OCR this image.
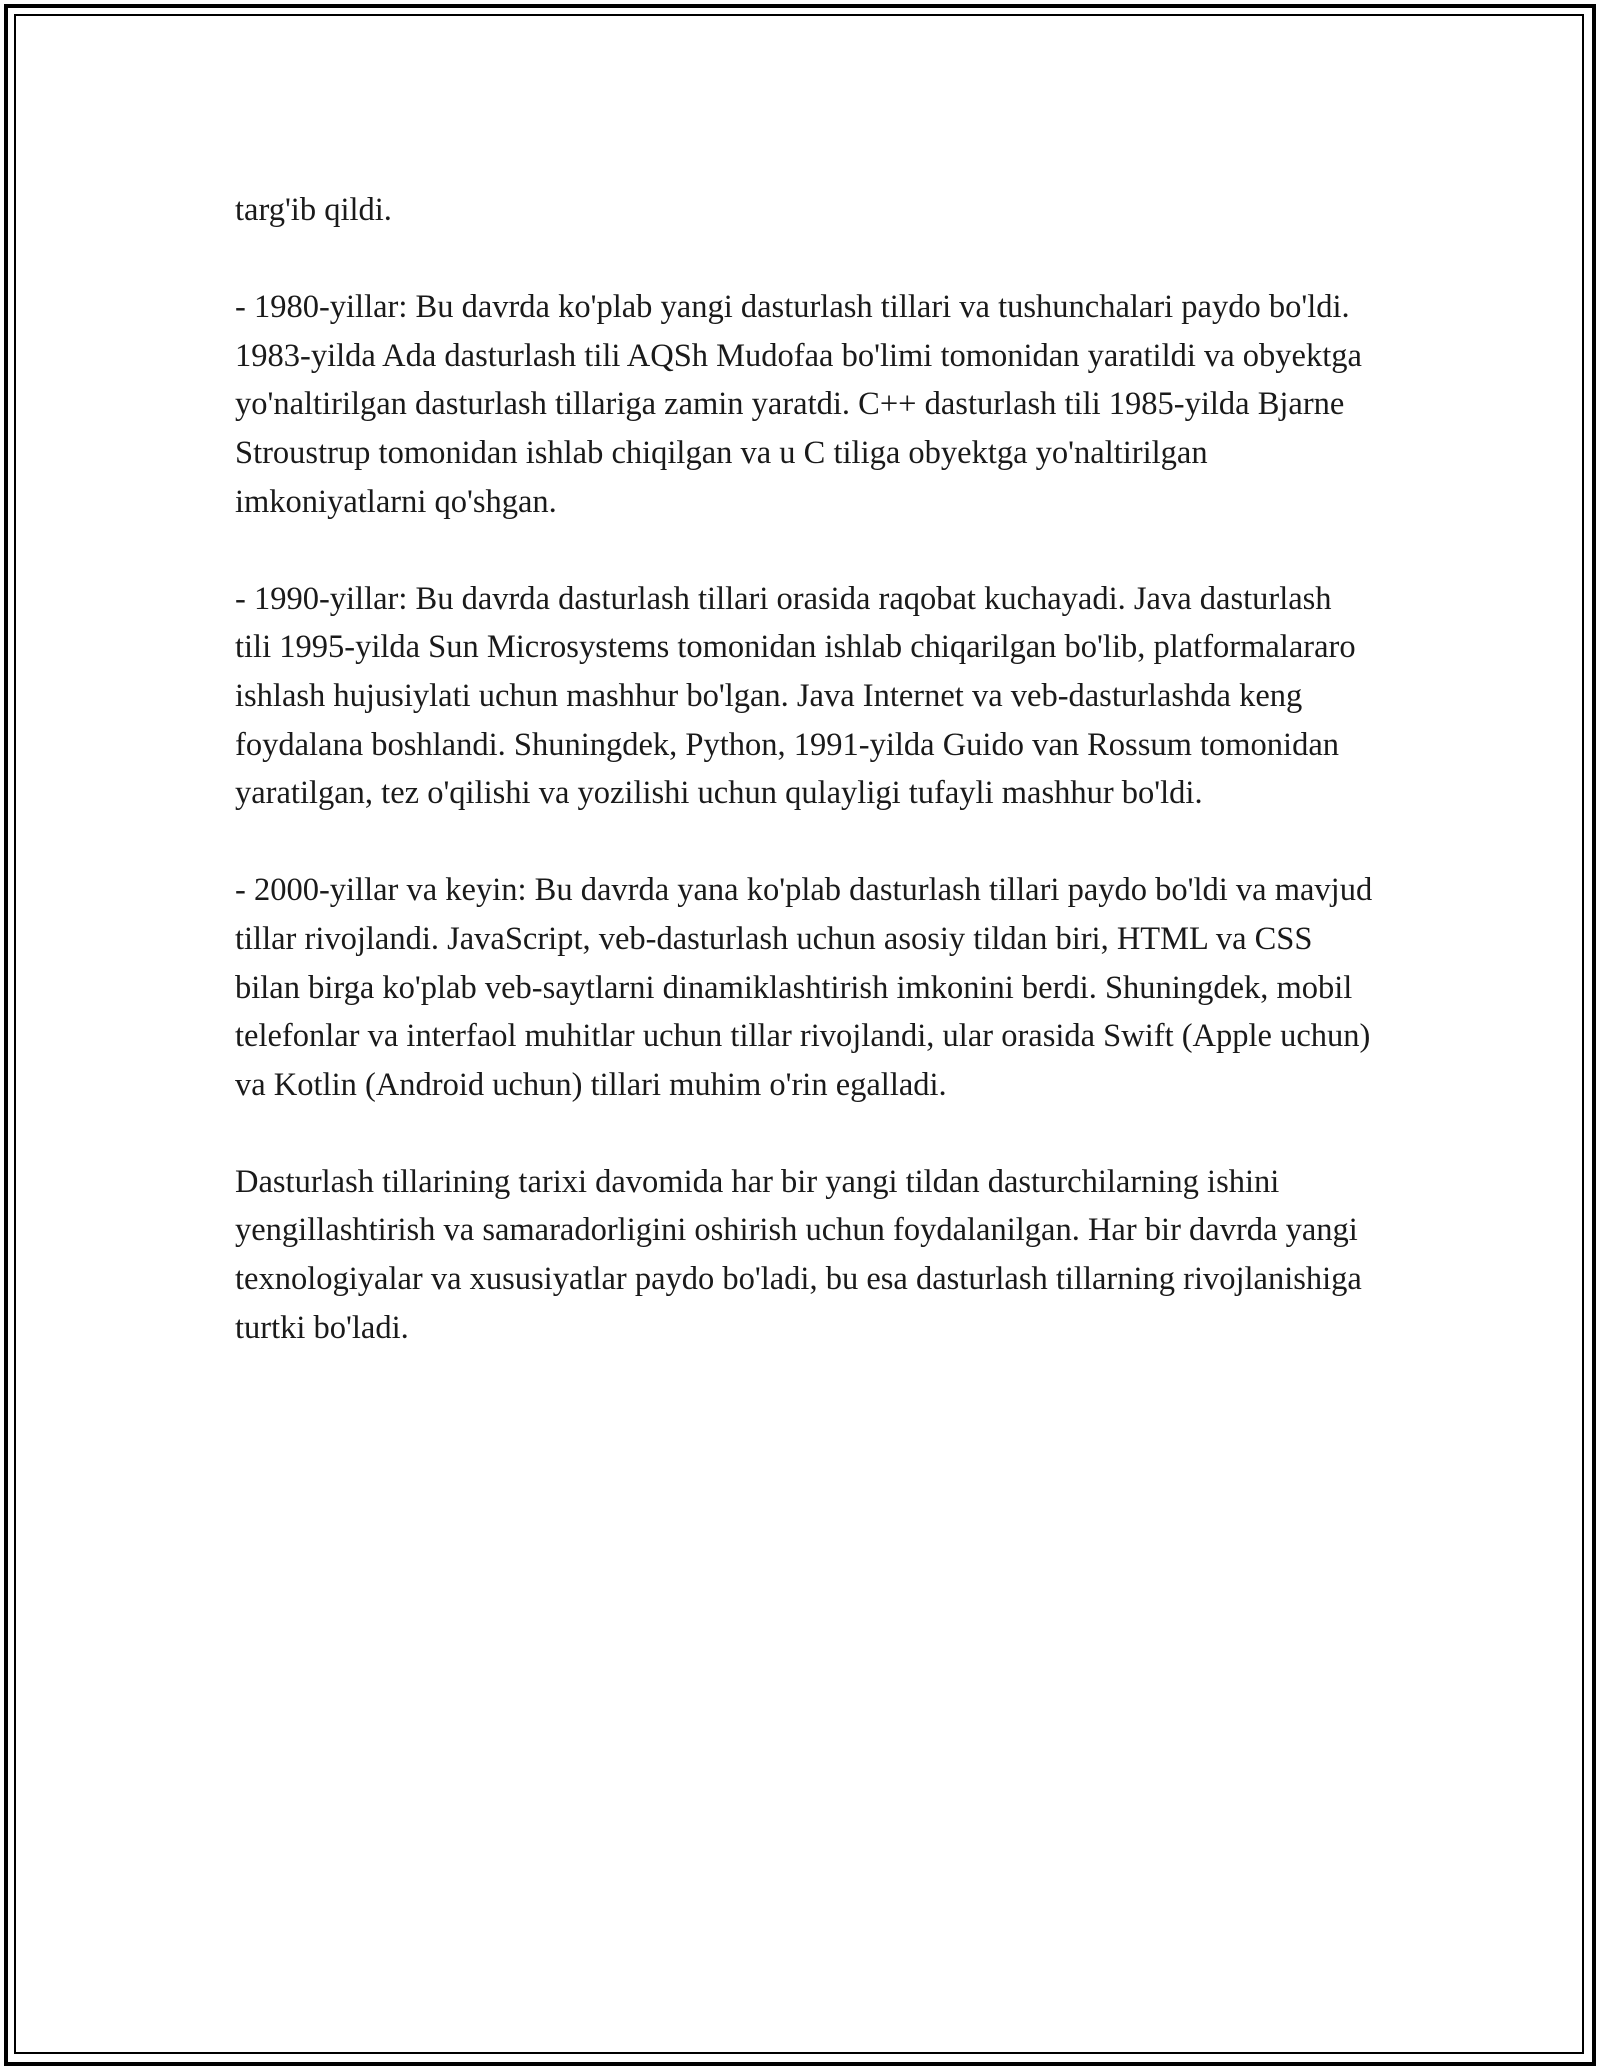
targ'ib qildi.

- 1980-yillar: Bu davrda ko'plab yangi dasturlash tillari va tushunchalari paydo bo'ldi. 1983-yilda Ada dasturlash tili AQSh Mudofaa bo'limi tomonidan yaratildi va obyektga yo'naltirilgan dasturlash tillariga zamin yaratdi. C++ dasturlash tili 1985-yilda Bjarne Stroustrup tomonidan ishlab chiqilgan va u C tiliga obyektga yo'naltirilgan imkoniyatlarni qo'shgan.

- 1990-yillar: Bu davrda dasturlash tillari orasida raqobat kuchayadi. Java dasturlash tili 1995-yilda Sun Microsystems tomonidan ishlab chiqarilgan bo'lib, platformalararo ishlash hujusiylati uchun mashhur bo'lgan. Java Internet va veb-dasturlashda keng foydalana boshlandi. Shuningdek, Python, 1991-yilda Guido van Rossum tomonidan yaratilgan, tez o'qilishi va yozilishi uchun qulayligi tufayli mashhur bo'ldi.

- 2000-yillar va keyin: Bu davrda yana ko'plab dasturlash tillari paydo bo'ldi va mavjud tillar rivojlandi. JavaScript, veb-dasturlash uchun asosiy tildan biri, HTML va CSS bilan birga ko'plab veb-saytlarni dinamiklashtirish imkonini berdi. Shuningdek, mobil telefonlar va interfaol muhitlar uchun tillar rivojlandi, ular orasida Swift (Apple uchun) va Kotlin (Android uchun) tillari muhim o'rin egalladi.

Dasturlash tillarining tarixi davomida har bir yangi tildan dasturchilarning ishini yengillashtirish va samaradorligini oshirish uchun foydalanilgan. Har bir davrda yangi texnologiyalar va xususiyatlar paydo bo'ladi, bu esa dasturlash tillarning rivojlanishiga turtki bo'ladi.
